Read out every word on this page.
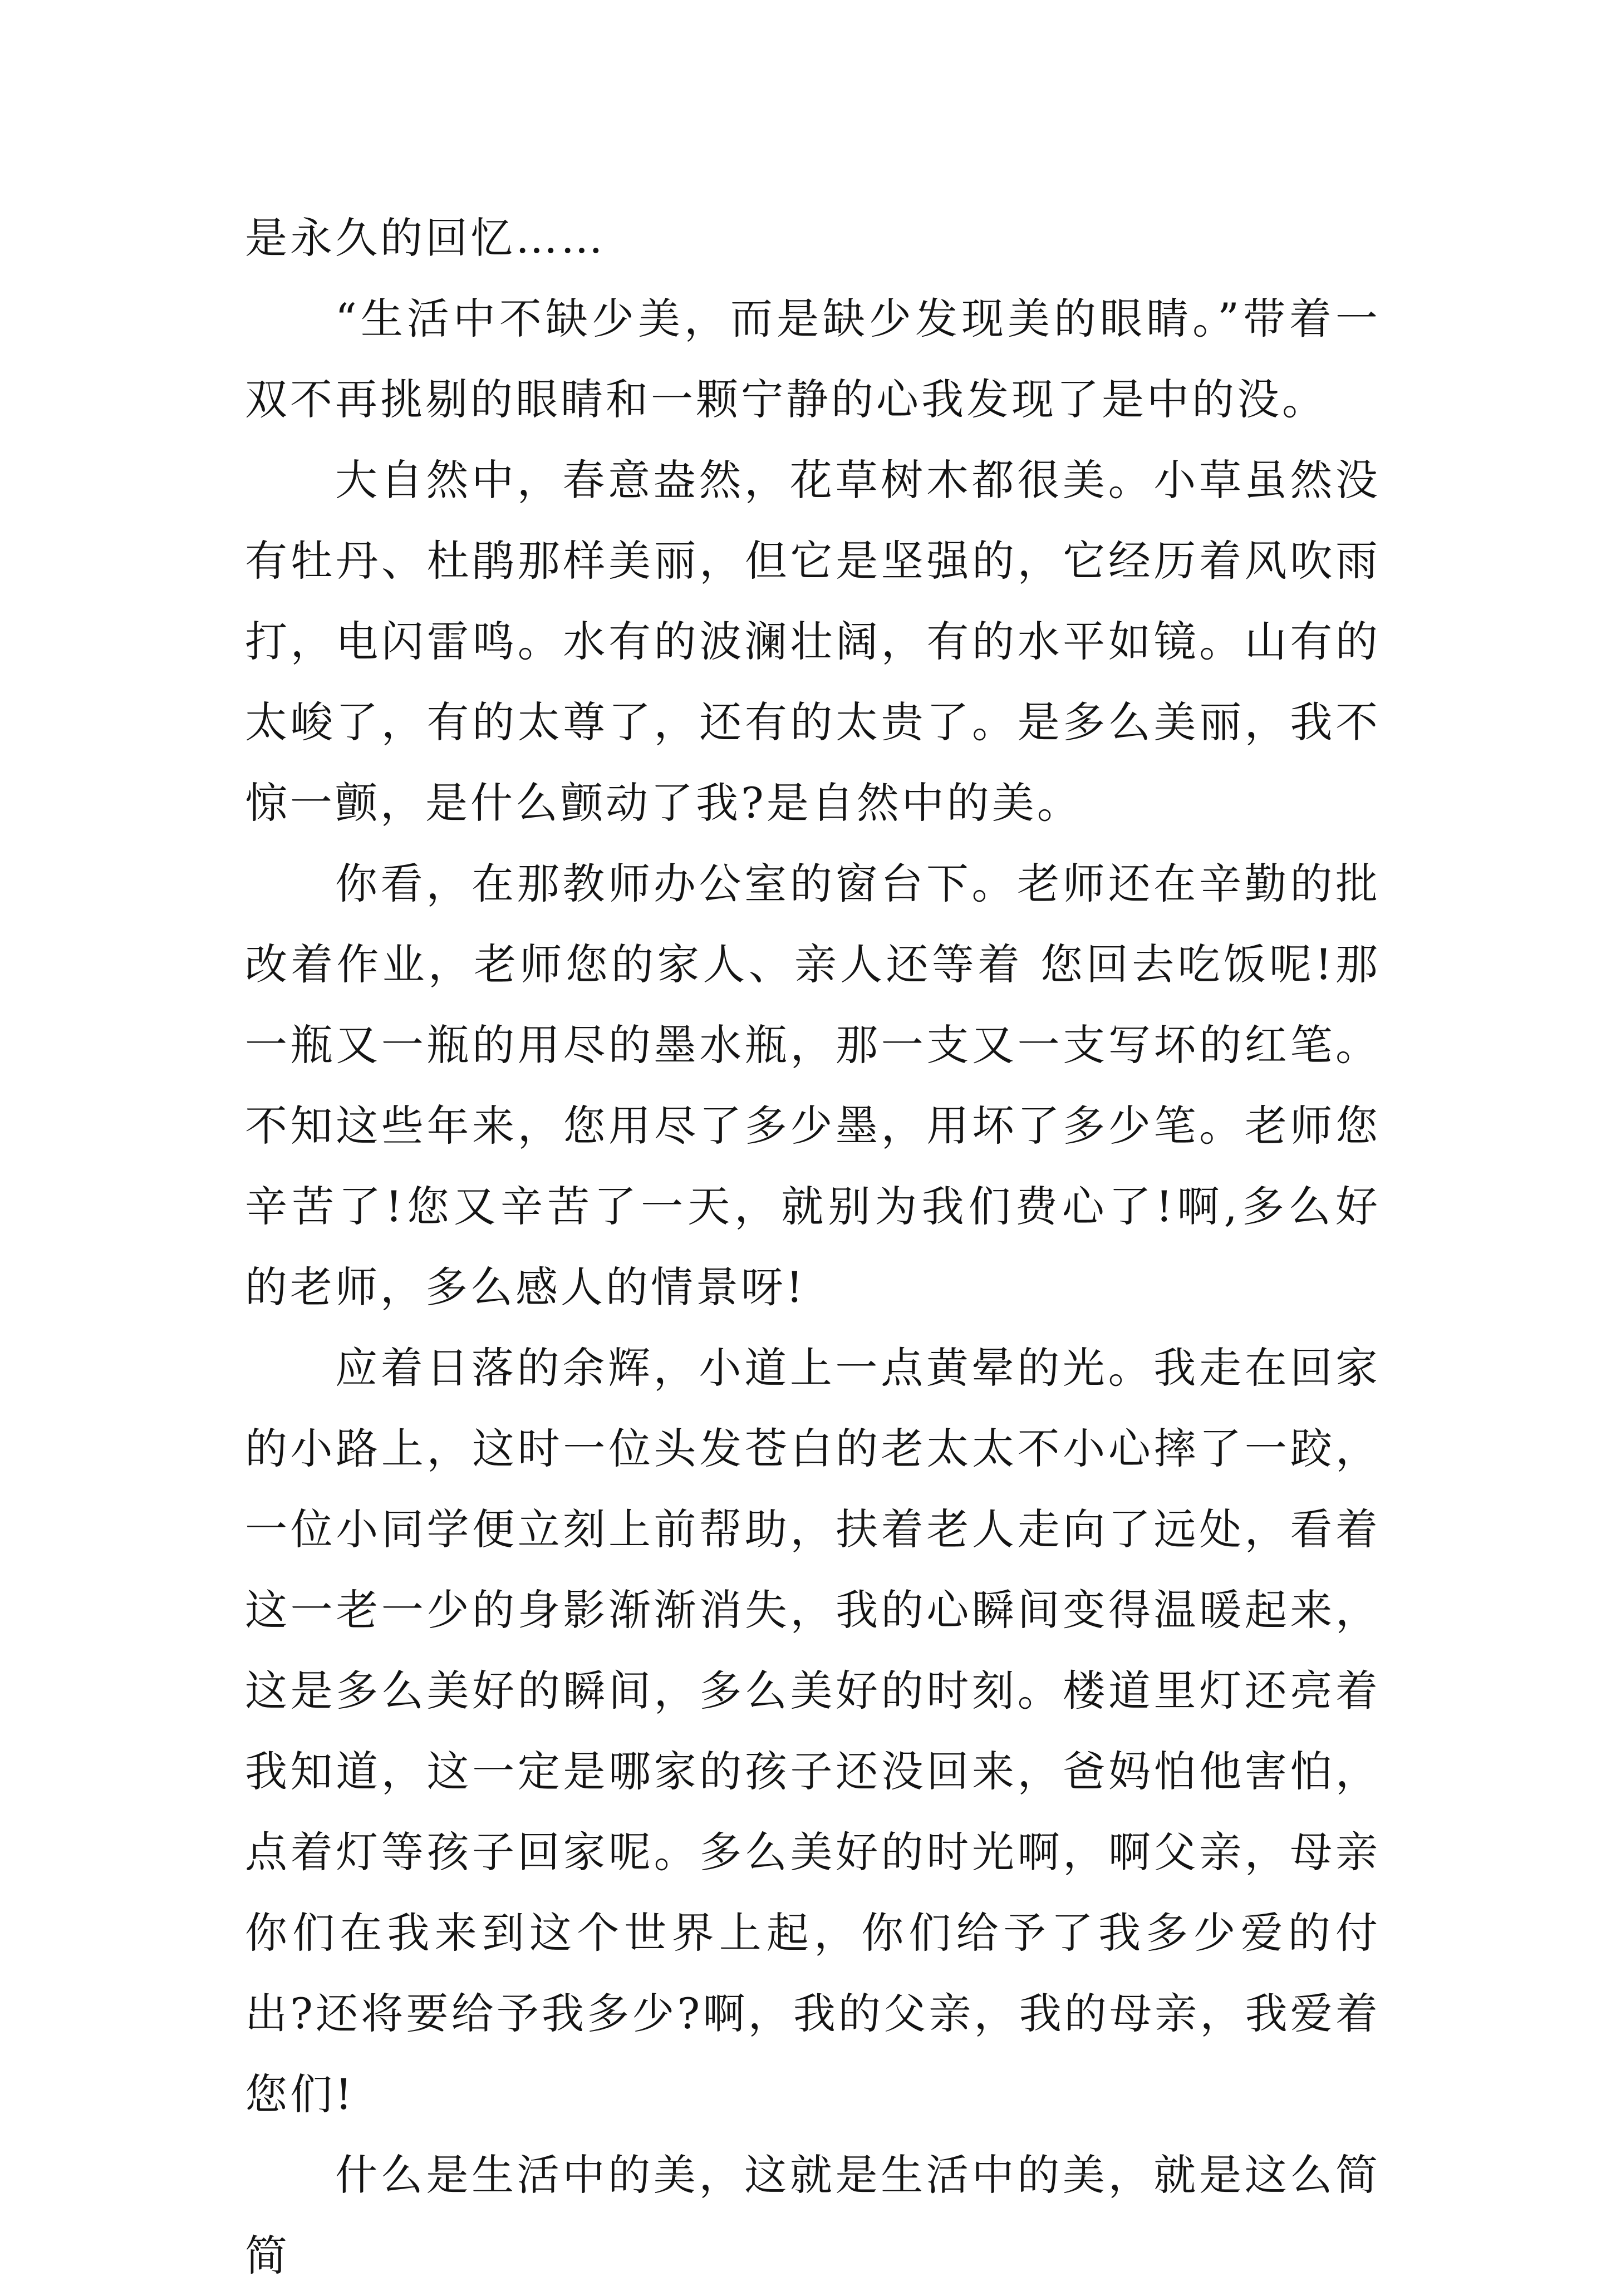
是永久的回忆……

“生活中不缺少美，而是缺少发现美的眼睛。”带着一双不再挑剔的眼睛和一颗宁静的心我发现了是中的没。

大自然中，春意盎然，花草树木都很美。小草虽然没有牡丹、杜鹃那样美丽，但它是坚强的，它经历着风吹雨打，电闪雷鸣。水有的波澜壮阔，有的水平如镜。山有的太峻了，有的太尊了，还有的太贵了。是多么美丽，我不惊一颤，是什么颤动了我?是自然中的美。

你看，在那教师办公室的窗台下。老师还在辛勤的批改着作业，老师您的家人、亲人还等着 您回去吃饭呢!那一瓶又一瓶的用尽的墨水瓶，那一支又一支写坏的红笔。不知这些年来，您用尽了多少墨，用坏了多少笔。老师您辛苦了!您又辛苦了一天，就别为我们费心了!啊,多么好的老师，多么感人的情景呀!

应着日落的余辉，小道上一点黄晕的光。我走在回家的小路上，这时一位头发苍白的老太太不小心摔了一跤，一位小同学便立刻上前帮助，扶着老人走向了远处，看着这一老一少的身影渐渐消失，我的心瞬间变得温暖起来，这是多么美好的瞬间，多么美好的时刻。楼道里灯还亮着我知道，这一定是哪家的孩子还没回来，爸妈怕他害怕，点着灯等孩子回家呢。多么美好的时光啊，啊父亲，母亲你们在我来到这个世界上起，你们给予了我多少爱的付出?还将要给予我多少?啊，我的父亲，我的母亲，我爱着您们!

什么是生活中的美，这就是生活中的美，就是这么简简
